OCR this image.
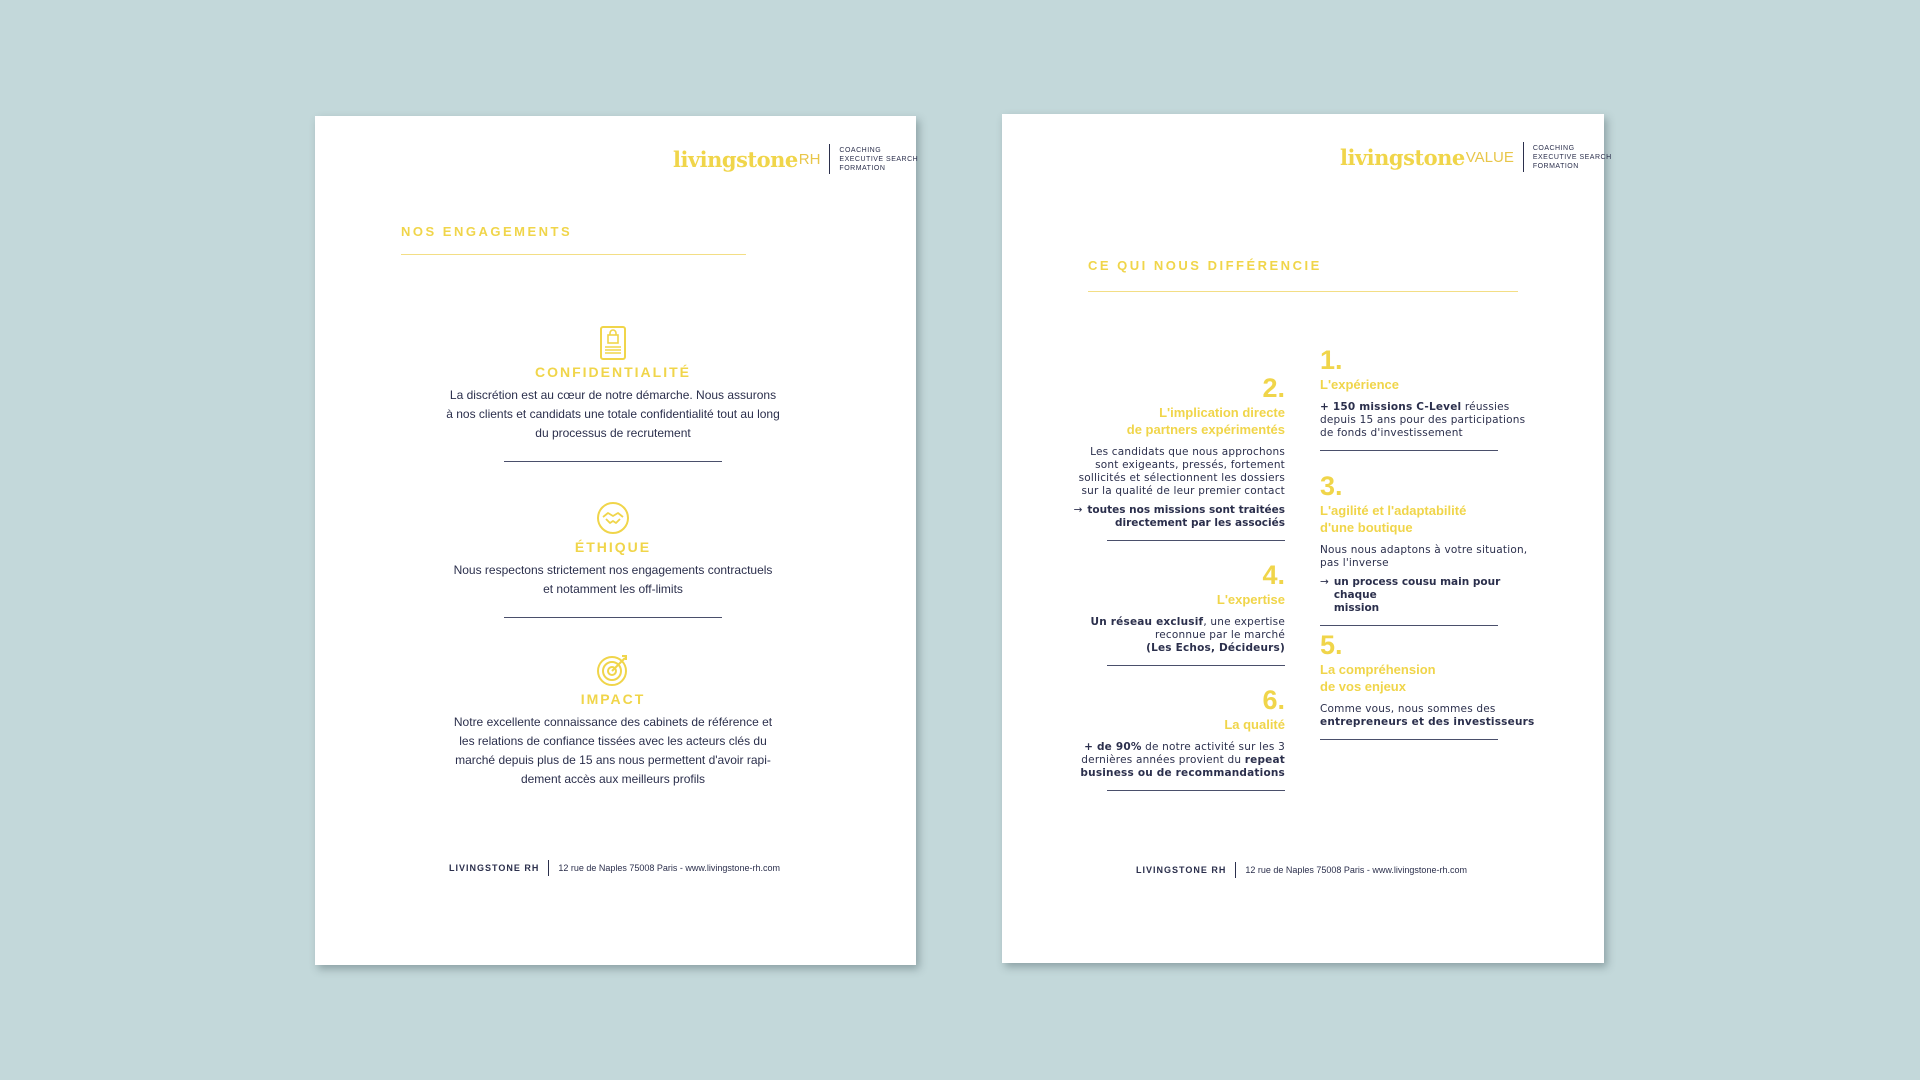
livingstone RH
COACHING
EXECUTIVE SEARCH
FORMATION
NOS ENGAGEMENTS
CONFIDENTIALITÉ
La discrétion est au cœur de notre démarche. Nous assurons
à nos clients et candidats une totale confidentialité tout au long
du processus de recrutement
ÉTHIQUE
Nous respectons strictement nos engagements contractuels
et notamment les off-limits
IMPACT
Notre excellente connaissance des cabinets de référence et
les relations de confiance tissées avec les acteurs clés du
marché depuis plus de 15 ans nous permettent d'avoir rapi-
dement accès aux meilleurs profils
LIVINGSTONE RH 12 rue de Naples 75008 Paris - www.livingstone-rh.com
livingstone VALUE
COACHING
EXECUTIVE SEARCH
FORMATION
CE QUI NOUS DIFFÉRENCIE
1.
L'expérience
+ 150 missions C-Level réussies
depuis 15 ans pour des participations
de fonds d'investissement
3.
L'agilité et l'adaptabilité
d'une boutique
Nous nous adaptons à votre situation,
pas l'inverse
→ un process cousu main pour chaque
mission
5.
La compréhension
de vos enjeux
Comme vous, nous sommes des
entrepreneurs et des investisseurs
2.
L'implication directe
de partners expérimentés
Les candidats que nous approchons
sont exigeants, pressés, fortement
sollicités et sélectionnent les dossiers
sur la qualité de leur premier contact
→ toutes nos missions sont traitées
directement par les associés
4.
L'expertise
Un réseau exclusif, une expertise
reconnue par le marché
(Les Echos, Décideurs)
6.
La qualité
+ de 90% de notre activité sur les 3
dernières années provient du repeat
business ou de recommandations
LIVINGSTONE RH 12 rue de Naples 75008 Paris - www.livingstone-rh.com
